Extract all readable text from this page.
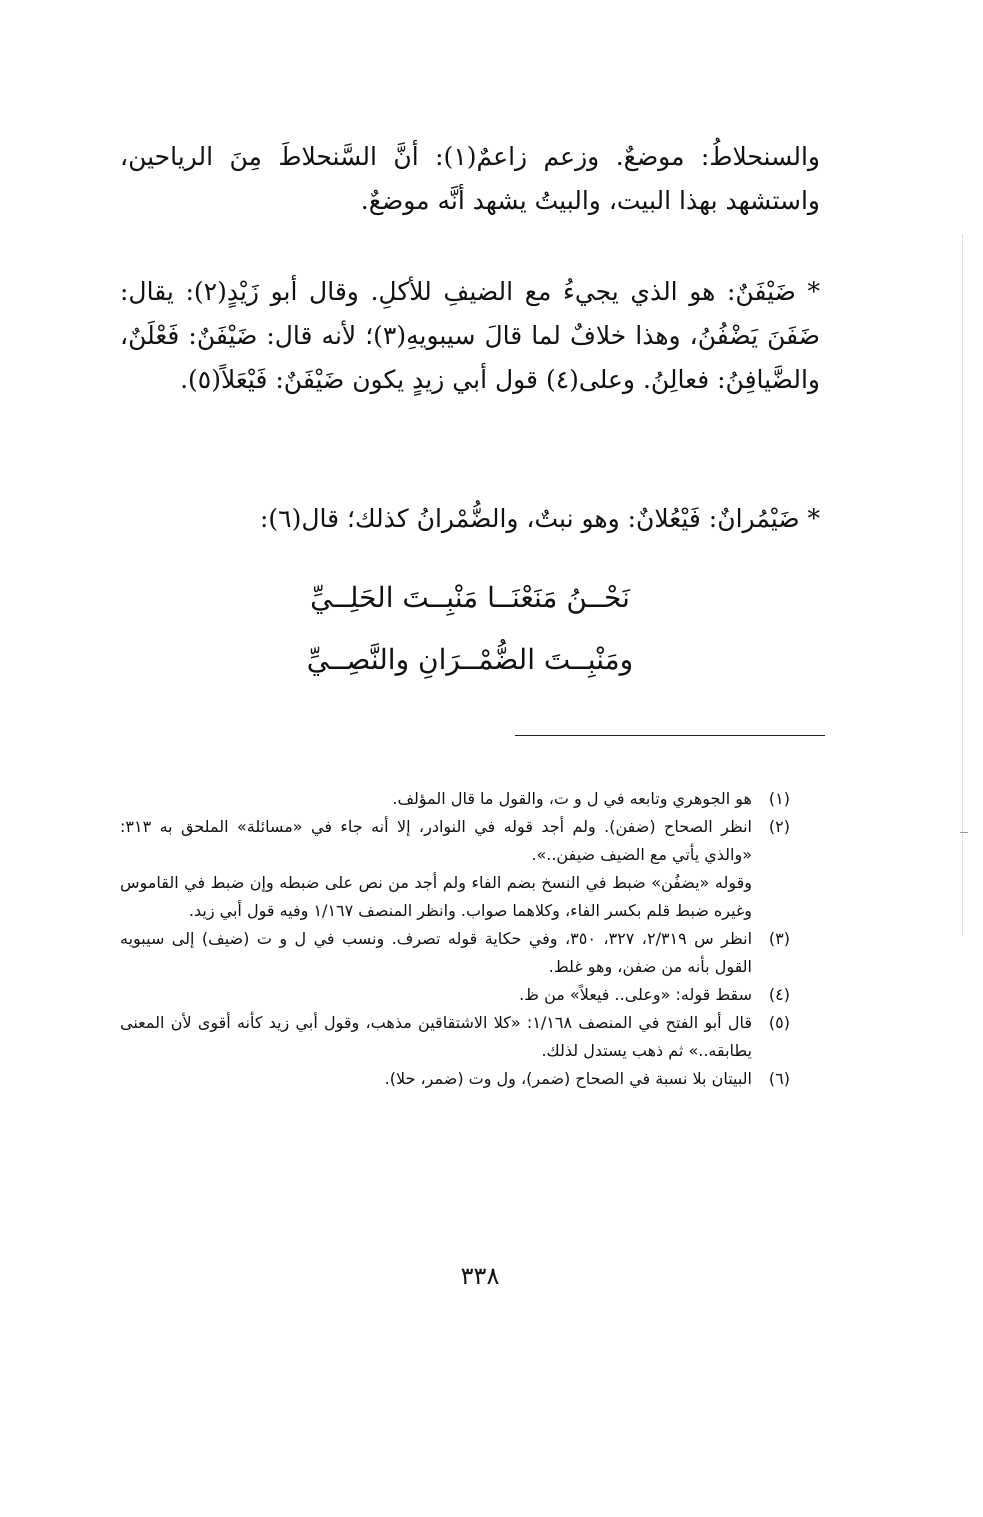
والسنحلاطُ: موضعٌ. وزعم زاعمٌ(١): أنَّ السَّنحلاطَ مِنَ الرياحين، واستشهد بهذا البيت، والبيتُ يشهد أنَّه موضعٌ.
* ضَيْفَنٌ: هو الذي يجيءُ مع الضيفِ للأكلِ. وقال أبو زَيْدٍ(٢): يقال: ضَفَنَ يَضْفُنُ، وهذا خلافٌ لما قالَ سيبويهِ(٣)؛ لأنه قال: ضَيْفَنٌ: فَعْلَنٌ، والضَّيافِنُ: فعالِنُ. وعلى(٤) قول أبي زيدٍ يكون ضَيْفَنٌ: فَيْعَلاً(٥).
* ضَيْمُرانٌ: فَيْعُلانٌ: وهو نبتٌ، والضُّمْرانُ كذلك؛ قال(٦):
نَحْــنُ مَنَعْنَــا مَنْبِــتَ الحَلِــيِّ
ومَنْبِــتَ الضُّمْــرَانِ والنَّصِــيِّ
(١)
هو الجوهري وتابعه في ل و ت، والقول ما قال المؤلف.
(٢)
انظر الصحاح (ضفن). ولم أجد قوله في النوادر، إلا أنه جاء في «مسائلة» الملحق به ٣١٣: «والذي يأتي مع الضيف ضيفن..».
وقوله «يضفُن» ضبط في النسخ بضم الفاء ولم أجد من نص على ضبطه وإن ضبط في القاموس وغيره ضبط قلم بكسر الفاء، وكلاهما صواب. وانظر المنصف ١/١٦٧ وفيه قول أبي زيد.
(٣)
انظر س ٢/٣١٩، ٣٢٧، ٣٥٠، وفي حكاية قوله تصرف. ونسب في ل و ت (ضيف) إلى سيبويه القول بأنه من ضفن، وهو غلط.
(٤)
سقط قوله: «وعلى.. فيعلاً» من ظ.
(٥)
قال أبو الفتح في المنصف ١/١٦٨: «كلا الاشتقاقين مذهب، وقول أبي زيد كأنه أقوى لأن المعنى يطابقه..» ثم ذهب يستدل لذلك.
(٦)
البيتان بلا نسبة في الصحاح (ضمر)، ول وت (ضمر، حلا).
٣٣٨
